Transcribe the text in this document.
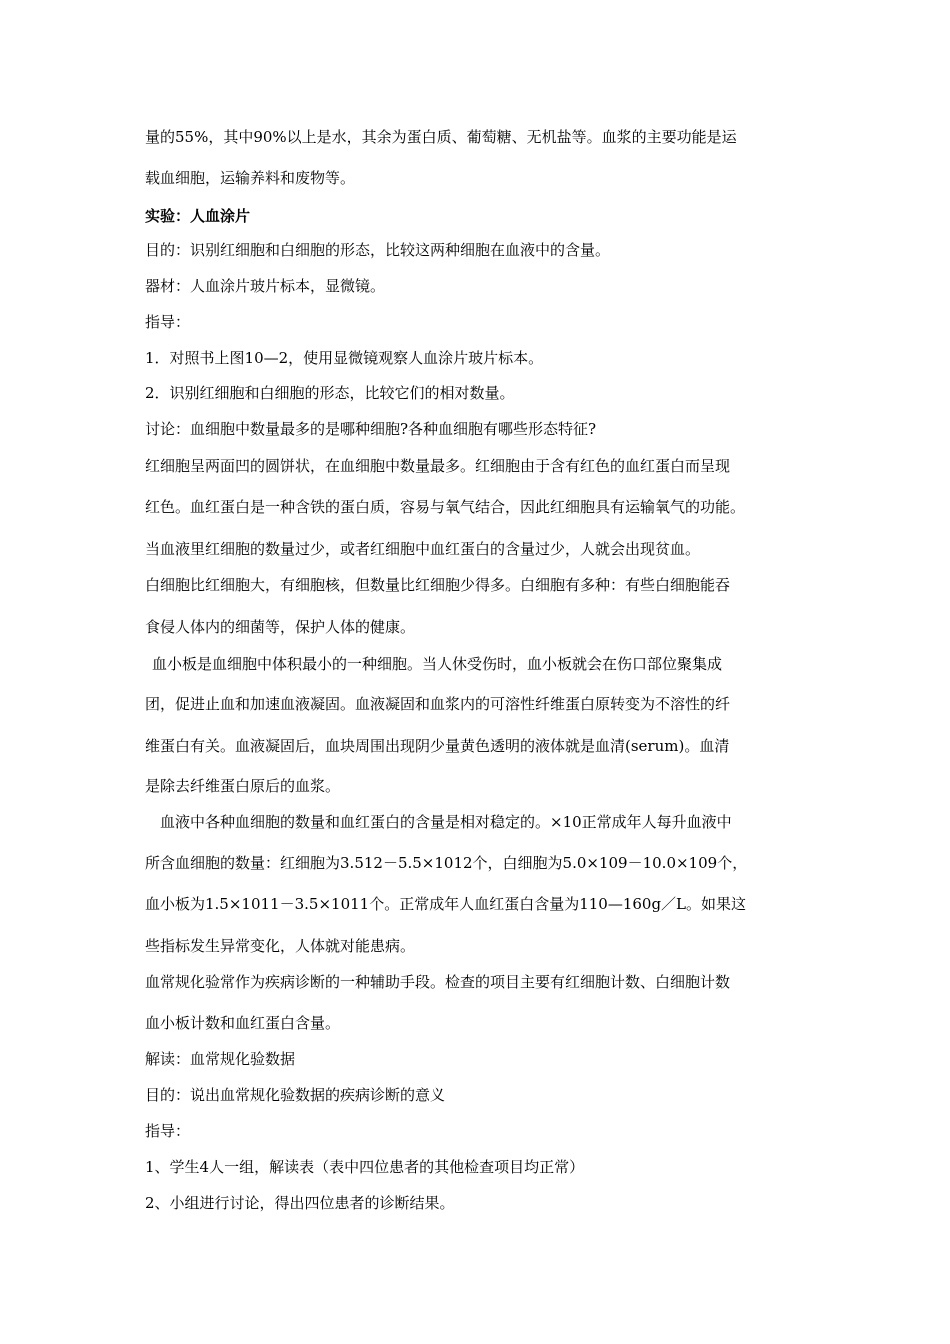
量的55%，其中90%以上是水，其余为蛋白质、葡萄糖、无机盐等。血浆的主要功能是运
载血细胞，运输养料和废物等。
实验：人血涂片
目的：识别红细胞和白细胞的形态，比较这两种细胞在血液中的含量。
器材：人血涂片玻片标本，显微镜。
指导：
1．对照书上图10—2，使用显微镜观察人血涂片玻片标本。
2．识别红细胞和白细胞的形态，比较它们的相对数量。
讨论：血细胞中数量最多的是哪种细胞?各种血细胞有哪些形态特征?
红细胞呈两面凹的圆饼状，在血细胞中数量最多。红细胞由于含有红色的血红蛋白而呈现
红色。血红蛋白是一种含铁的蛋白质，容易与氧气结合，因此红细胞具有运输氧气的功能。
当血液里红细胞的数量过少，或者红细胞中血红蛋白的含量过少，人就会出现贫血。
白细胞比红细胞大，有细胞核，但数量比红细胞少得多。白细胞有多种：有些白细胞能吞
食侵人体内的细菌等，保护人体的健康。
血小板是血细胞中体积最小的一种细胞。当人休受伤时，血小板就会在伤口部位聚集成
团，促进止血和加速血液凝固。血液凝固和血浆内的可溶性纤维蛋白原转变为不溶性的纤
维蛋白有关。血液凝固后，血块周围出现阴少量黄色透明的液体就是血清(serum)。血清
是除去纤维蛋白原后的血浆。
血液中各种血细胞的数量和血红蛋白的含量是相对稳定的。×10正常成年人每升血液中
所含血细胞的数量：红细胞为3.512－5.5×1012个，白细胞为5.0×109－10.0×109个，
血小板为1.5×1011－3.5×1011个。正常成年人血红蛋白含量为110—160g／L。如果这
些指标发生异常变化，人体就对能患病。
血常规化验常作为疾病诊断的一种辅助手段。检查的项目主要有红细胞计数、白细胞计数
血小板计数和血红蛋白含量。
解读：血常规化验数据
目的：说出血常规化验数据的疾病诊断的意义
指导：
1、学生4人一组，解读表（表中四位患者的其他检查项目均正常）
2、小组进行讨论，得出四位患者的诊断结果。
